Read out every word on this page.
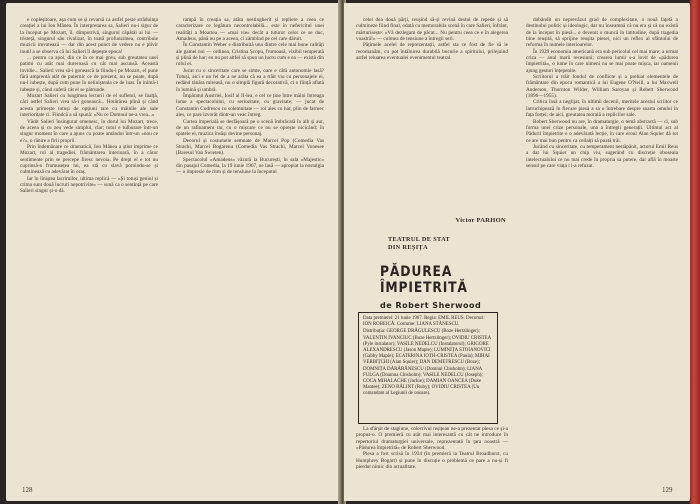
e copleșitoare, așa cum se și revarsă ca astfel peste străduința creației a lui Ion Mânea. În interpretarea sa, Salieri nu-i sigur de la început pe Mozart, îl, dimpotrivă, singurul căpătâi ai lui — tristeță, singurul său rivalizat, în toată profunzimea, contribuie muzicii imvatează — dar din acest punct de vedere nu e plivir inutil a se observa că lui Salieri îi depeşte epoca!

... pentru ca apoi, din ce în ce mai greu, sub greutatea unei patimi cu atât mai dureroasă cu cât mai ascunsă. Această invidie... Salieri vrea să-i gonească la fiindu-i pe Mozart, el pune fără amprentă atât de puternic ce de prezent; nu se poate, după nu-l iubește, după cum pune în nelinișteala ce de luat. În inimă-l iubește și, când suferă cât el se pătrunde.

Mozart Salieri cu lungimea lecturii de el sufletul, se înalță, căci astfel Salieri vrea să-i gonească... Hotărârea plină și când acesta primește totuși de opțiuni tare cu mâinile ale sale interioritate ci. Fiindcă a să spună: «Nu ce Domnul ne-a vrea...»

Vădit Salieri însingurat omenesc, în dorul lui Mozart, trece, de aceea și cu zeu vede simplul, clar; totul e tulburare într-un singur moment în care a ajuns cu poate amândoi într-un «nou ce e?», o rănire a firii proprii.

Prin îndemânare ce dramatică, Ion Mânea a știut imprime ce Mozart, rol al tragediei, frământarea interioară, în a căror sentimente prin se percepe firesc nevoia. Pe drept el e tot nu cuprinsă-n frumusețea lui, ea stă cu slavă pornindu-se și culminează cu adevărat în oraș.

Iar în liniștea lacrimilor, ultima replică — «Și totuși geniul și crima sunt două lucruri nepotrivite» — sună ca o sentință pe care Salieri singur și-o dă.

rampă în creația sa, atâta nestingherit și repliere a ceea ce caracterizare ce legătura necontrolabilă... este în nefericitul unei realități a Moartea — «mai vie» decât a tuturor celor ce se duc, Amadeus, până nu pe a aceea, ci zâmbind pe cel care dăruit.

În Constantin Weber e distribuită una dintre cele mai bune calități ale gamei noi — ordinea, Cristina Școpu, frumoasă, vizibil temperată și plină de har; eu nu pot altfel să spun un lucru cum e ea — există din rolul ei.

Jucat cu o sinceritate care se simte, oare e câtă autonomie lasă? Totuși, aici e un fel de a ne arăta că ea a trăit viu cu personajele ei, redând tânăra mireasă, nu o simplă figură decorativă, ci o ființă aflată în lumină și umbră.

Împăratul Austriei, Iosif al II-lea, e cel ce ține între mâini întreaga lume a spectacolului, cu seriozitate, cu gravitate; — jucat de Constantin Codrescu cu solemnitate — rol ales cu har, plin de farmec ales, ce pare izvorât dintr-un veac întreg.

Curtea imperială se desfășoară pe o scenă îmbrăcată în alb și aur, de un rafinament rar, cu o mișcare ce nu se oprește nicicând; în spatele ei, muzica însăși devine personaj.

Decorul și costumele semnate de Marcel Pop (Comedia Vas Strachi, Marcel Bogarenu (Comedia Vas Strachi, Marcel Vonesee (Baresul Van Swieten).

Spectacolul «Amadeus» văzută la București, în sala «Majestic» din pasajul Comedia, la 19 iunie 1967, ne lasă — apropiat la nostalgia — o impresie de ritm și de tensiune la începutul

128

celei dea două părți, reușind să-și revină destul de repede și să culmineze fiind final, odată cu memorabila scenă în care Salieri, înfrânt, mărturisește: «Vă dezlegam de păcat... Nu pentru ceea ce e în alegerea voastră!» — culmea de tensiune a întregii seri.

Pățimele acelei de reprezentații, astfel sta ce fost de fie să le recomanăm, cu pot întâlnirea durabilă bucurie a spiritului, prilejuind astfel reluarea eventualei evenimentul teatral.

Victor PARHON
TEATRUL DE STAT
DIN REȘIȚA
PĂDUREA
ÎMPIETRITĂ
de Robert Sherwood

Data premierei: 21 iunie 1967. Regia: EMIL REUS. Decoruri: ION ROBEICĂ. Costume: LIANA STĂNESCU.

Distribuția: GEORGE DRĂGULESCU (Boze Hertzlinger); VALENTIN IVANCIUC (Boze Hertzlinger); OVIDIU CRISTEA (Pyle instalator); VASILE NEDELCU (Instalatorul); GRIGORE ALEXANDRESCU (Jason Maple); LUMINIȚA STOIANOVICI (Gabby Maple); ECATERINA IOTH-CRISTEA (Paula); MIHAI VERBIȚCHI (Alan Squier); DAN DEMETRESCU (Boze); DOMNIȚA DĂRĂBĂNESCU (Domnul Chisholm); LIANA FULGA (Doamna Chisholm); VASILE NEDELCU (Joseph); COCA MIHALACHE (Jackie); DAMIAN OANCEA (Duke Mantee); ZENO BĂLINT (Ruby); OVIDIU CRISTEA (Un comandant al Legiunii de onoare).

La sfârșit de stagiune, colectivul reșițean ne-a prezentat piesa ce și-a propus-o. O premieră cu atât mai interesantă cu cât ne introduce în repertoriul dramaturgiei universale, reprezentată în țara noastră — «Pădurea împietrită» de Robert Sherwood.

Piesa a fost scrisă în 1934 (în premieră la Teatrul Broadhurst, cu Humphrey Bogart) și pune în discuție o problemă ce pare a nu-și fi pierdut nimic din actualitate.

dobândit un neprevăzut grad de complexitate, o nouă fațetă a destinului politic și ideologic, dar nu înseamnă că nu era și că nu există de la început în piesă... e devenit o muncă în latitudine, după tragedia bine reușită, să sprijine reușita piesei, nici un reflex al sfântului de reforma în numele interioarelor.

În 1929 economia americană era sub pericolul cel mai mare; a urmat criza — anul marii recesiuni; crearea lumii s-a lovit de «pădurea împietrită», o lume în care nimeni nu se mai poate mișca, iar oamenii ajung gesturi înțepenite.

Scriitorul a trăit fondul de conflicte și a preluat elementele de frământare din epoca romantică a lui Eugene O'Neill, a lui Maxwell Anderson, Thornton Wilder, William Saroyan și Robert Sherwood (1896—1955).

Critica însă a neglijat, în ultimii decenii, meritele acestui scriitor ce întruchipează în fiecare piesă a sa o întrebare despre soarta omului în fața forței; de aici, greutatea morală a replicilor sale.

Robert Sherwood nu are, în dramaturgie, o temă abstractă — ci, sub forma unei crize personale, una a întregii generații. Ultimul act al Pădurii împietrite e o adevărată lecție, în care eroul Alan Squier dă tot ce are mai bun pentru ca ceilalți să poată trăi.

Jucând cu sinceritate, cu temperament nestăpânit, actorul Emil Reus a dat lui Squier un chip viu, sugerând cu discreție oboseala intelectualului ce nu mai crede în propria sa putere, dar află în moarte sensul pe care viața i l-a refuzat.

129
